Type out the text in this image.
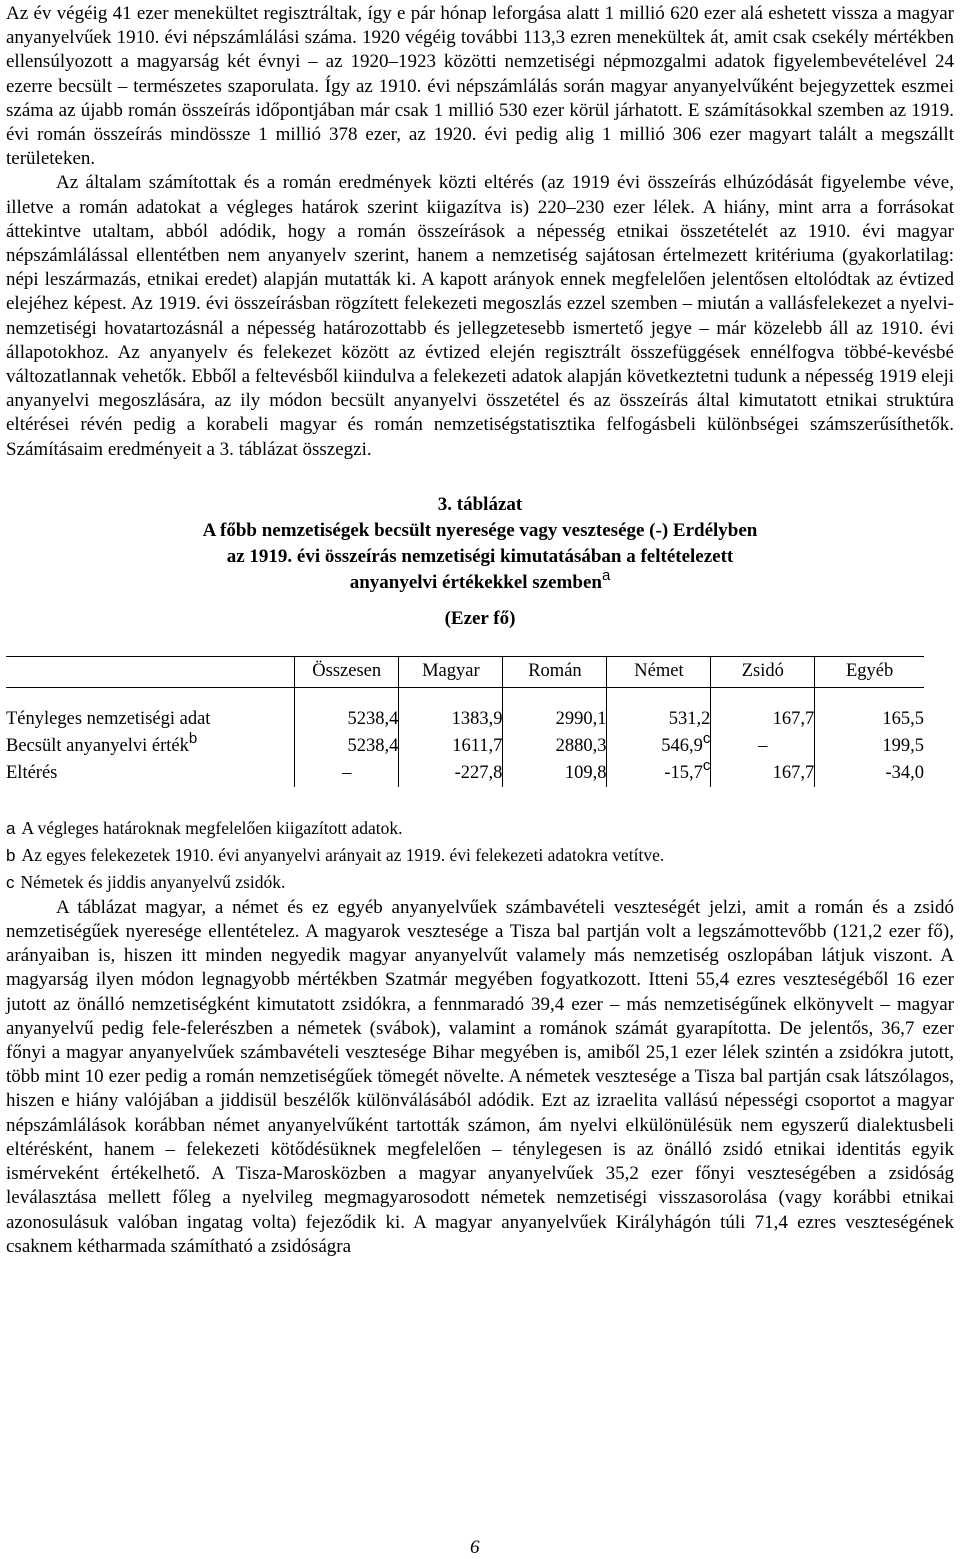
Az év végéig 41 ezer menekültet regisztráltak, így e pár hónap leforgása alatt 1 millió 620 ezer alá eshetett vissza a magyar anyanyelvűek 1910. évi népszámlálási száma. 1920 végéig további 113,3 ezren menekültek át, amit csak csekély mértékben ellensúlyozott a magyarság két évnyi – az 1920–1923 közötti nemzetiségi népmozgalmi adatok figyelembevételével 24 ezerre becsült – természetes szaporulata. Így az 1910. évi népszámlálás során magyar anyanyelvűként bejegyzettek eszmei száma az újabb román összeírás időpontjában már csak 1 millió 530 ezer körül járhatott. E számításokkal szemben az 1919. évi román összeírás mindössze 1 millió 378 ezer, az 1920. évi pedig alig 1 millió 306 ezer magyart talált a megszállt területeken.

Az általam számítottak és a román eredmények közti eltérés (az 1919 évi összeírás elhúzódását figyelembe véve, illetve a román adatokat a végleges határok szerint kiigazítva is) 220–230 ezer lélek. A hiány, mint arra a forrásokat áttekintve utaltam, abból adódik, hogy a román összeírások a népesség etnikai összetételét az 1910. évi magyar népszámlálással ellentétben nem anyanyelv szerint, hanem a nemzetiség sajátosan értelmezett kritériuma (gyakorlatilag: népi leszármazás, etnikai eredet) alapján mutatták ki. A kapott arányok ennek megfelelően jelentősen eltolódtak az évtized elejéhez képest. Az 1919. évi összeírásban rögzített felekezeti megoszlás ezzel szemben – miután a vallásfelekezet a nyelvi-nemzetiségi hovatartozásnál a népesség határozottabb és jellegzetesebb ismertető jegye – már közelebb áll az 1910. évi állapotokhoz. Az anyanyelv és felekezet között az évtized elején regisztrált összefüggések ennélfogva többé-kevésbé változatlannak vehetők. Ebből a feltevésből kiindulva a felekezeti adatok alapján következtetni tudunk a népesség 1919 eleji anyanyelvi megoszlására, az ily módon becsült anyanyelvi összetétel és az összeírás által kimutatott etnikai struktúra eltérései révén pedig a korabeli magyar és román nemzetiségstatisztika felfogásbeli különbségei számszerűsíthetők. Számításaim eredményeit a 3. táblázat összegzi.

3. táblázat
A főbb nemzetiségek becsült nyeresége vagy vesztesége (-) Erdélyben
az 1919. évi összeírás nemzetiségi kimutatásában a feltételezett
anyanyelvi értékekkel szemben$^a$
(Ezer fő)
	Összesen	Magyar	Román	Német	Zsidó	Egyéb

Tényleges nemzetiségi adat	5238,4	1383,9	2990,1	531,2	167,7	165,5
Becsült anyanyelvi érték$^b$	5238,4	1611,7	2880,3	546,9$^c$	–	199,5
Eltérés	–	-227,8	109,8	-15,7$^c$	167,7	-34,0
a A végleges határoknak megfelelően kiigazított adatok.
b Az egyes felekezetek 1910. évi anyanyelvi arányait az 1919. évi felekezeti adatokra vetítve.
c Németek és jiddis anyanyelvű zsidók.

A táblázat magyar, a német és ez egyéb anyanyelvűek számbavételi veszteségét jelzi, amit a román és a zsidó nemzetiségűek nyeresége ellentételez. A magyarok vesztesége a Tisza bal partján volt a legszámottevőbb (121,2 ezer fő), arányaiban is, hiszen itt minden negyedik magyar anyanyelvűt valamely más nemzetiség oszlopában látjuk viszont. A magyarság ilyen módon legnagyobb mértékben Szatmár megyében fogyatkozott. Itteni 55,4 ezres veszteségéből 16 ezer jutott az önálló nemzetiségként kimutatott zsidókra, a fennmaradó 39,4 ezer – más nemzetiségűnek elkönyvelt – magyar anyanyelvű pedig fele-felerészben a németek (svábok), valamint a románok számát gyarapította. De jelentős, 36,7 ezer főnyi a magyar anyanyelvűek számbavételi vesztesége Bihar megyében is, amiből 25,1 ezer lélek szintén a zsidókra jutott, több mint 10 ezer pedig a román nemzetiségűek tömegét növelte. A németek vesztesége a Tisza bal partján csak látszólagos, hiszen e hiány valójában a jiddisül beszélők különválásából adódik. Ezt az izraelita vallású népességi csoportot a magyar népszámlálások korábban német anyanyelvűként tartották számon, ám nyelvi elkülönülésük nem egyszerű dialektusbeli eltérésként, hanem – felekezeti kötődésüknek megfelelően – ténylegesen is az önálló zsidó etnikai identitás egyik ismérveként értékelhető. A Tisza-Marosközben a magyar anyanyelvűek 35,2 ezer főnyi veszteségében a zsidóság leválasztása mellett főleg a nyelvileg megmagyarosodott németek nemzetiségi visszasorolása (vagy korábbi etnikai azonosulásuk valóban ingatag volta) fejeződik ki. A magyar anyanyelvűek Királyhágón túli 71,4 ezres veszteségének csaknem kétharmada számítható a zsidóságra

6
